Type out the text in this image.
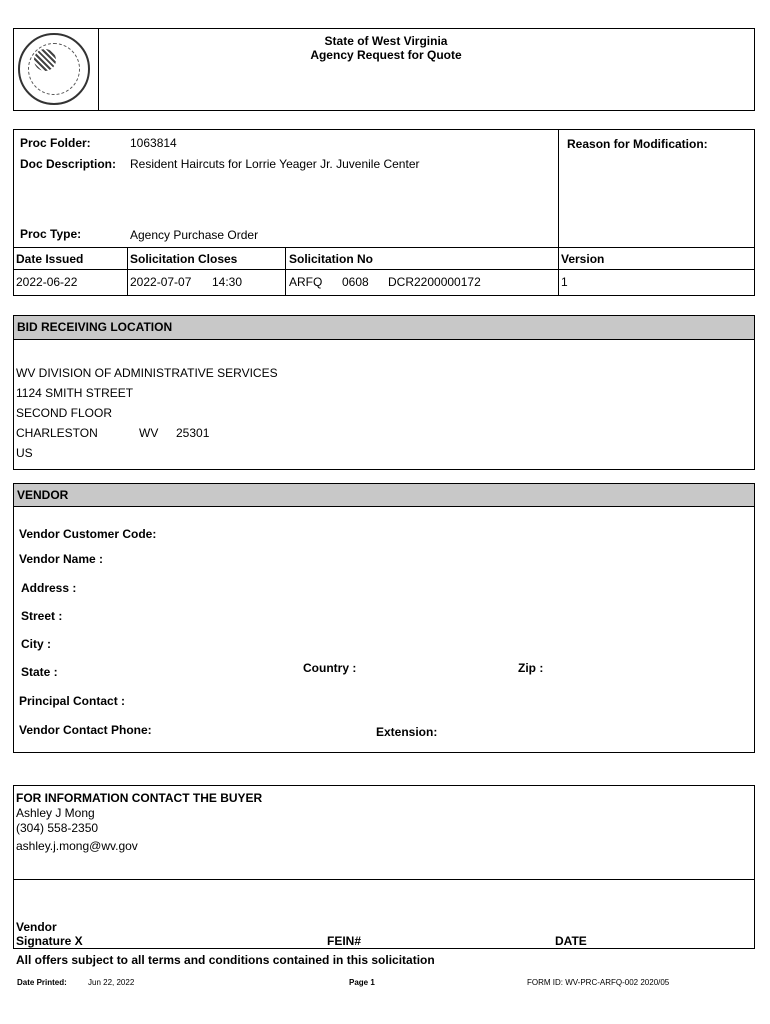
State of West Virginia
Agency Request for Quote
Proc Folder:	1063814
Doc Description: Resident Haircuts for Lorrie Yeager Jr. Juvenile Center
Proc Type:	Agency Purchase Order
Reason for Modification:
Date Issued	Solicitation Closes	Solicitation No	Version
2022-06-22	2022-07-07 14:30	ARFQ 0608 DCR2200000172	1
BID RECEIVING LOCATION
WV DIVISION OF ADMINISTRATIVE SERVICES
1124 SMITH STREET
SECOND FLOOR
CHARLESTON	WV 25301
US
VENDOR
Vendor Customer Code:
Vendor Name :
Address :
Street :
City :
State :	Country :	Zip :
Principal Contact :
Vendor Contact Phone:	Extension:
FOR INFORMATION CONTACT THE BUYER
Ashley J Mong
(304) 558-2350
ashley.j.mong@wv.gov
Vendor
Signature X	FEIN#	DATE
All offers subject to all terms and conditions contained in this solicitation
Date Printed:	Jun 22, 2022	Page 1	FORM ID: WV-PRC-ARFQ-002 2020/05
